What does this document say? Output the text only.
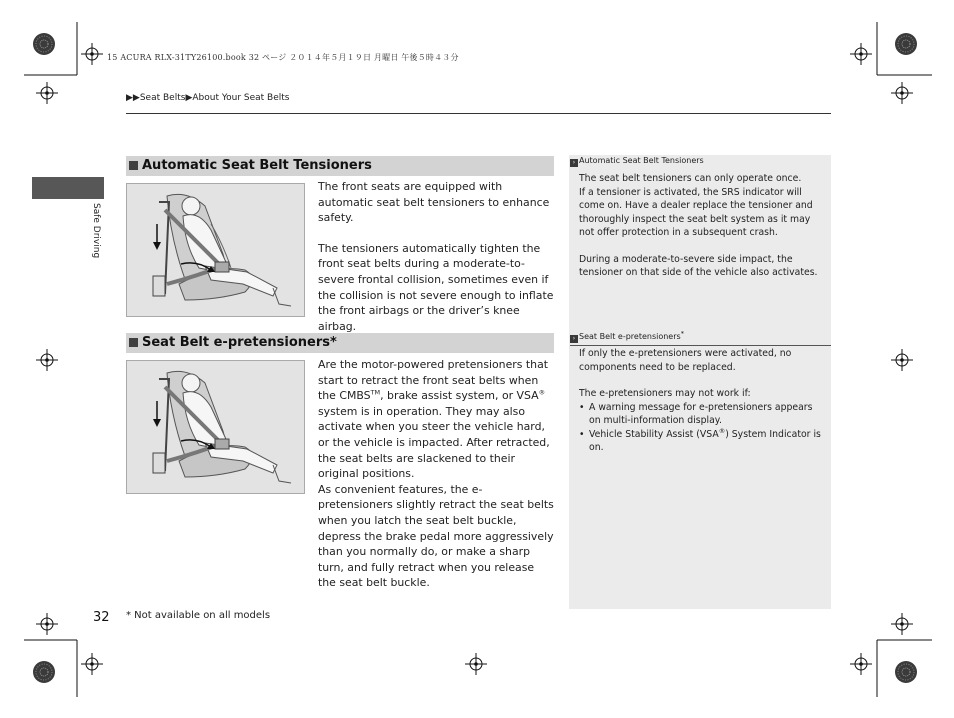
15 ACURA RLX-31TY26100.book 32 ページ ２０１４年５月１９日 月曜日 午後５時４３分
▶▶Seat Belts▶About Your Seat Belts
Safe Driving
Automatic Seat Belt Tensioners

The front seats are equipped with automatic seat belt tensioners to enhance safety.

The tensioners automatically tighten the front seat belts during a moderate-to-severe frontal collision, sometimes even if the collision is not severe enough to inflate the front airbags or the driver’s knee airbag.

Seat Belt e-pretensioners*

Are the motor-powered pretensioners that start to retract the front seat belts when the CMBS™, brake assist system, or VSA® system is in operation. They may also activate when you steer the vehicle hard, or the vehicle is impacted. After retracted, the seat belts are slackened to their original positions.

As convenient features, the e-pretensioners slightly retract the seat belts when you latch the seat belt buckle, depress the brake pedal more aggressively than you normally do, or make a sharp turn, and fully retract when you release the seat belt buckle.

› Automatic Seat Belt Tensioners

The seat belt tensioners can only operate once.

If a tensioner is activated, the SRS indicator will come on. Have a dealer replace the tensioner and thoroughly inspect the seat belt system as it may not offer protection in a subsequent crash.

During a moderate-to-severe side impact, the tensioner on that side of the vehicle also activates.

› Seat Belt e-pretensioners*

If only the e-pretensioners were activated, no components need to be replaced.

The e-pretensioners may not work if:

• A warning message for e-pretensioners appears on multi-information display.
• Vehicle Stability Assist (VSA®) System Indicator is on.
32 * Not available on all models
